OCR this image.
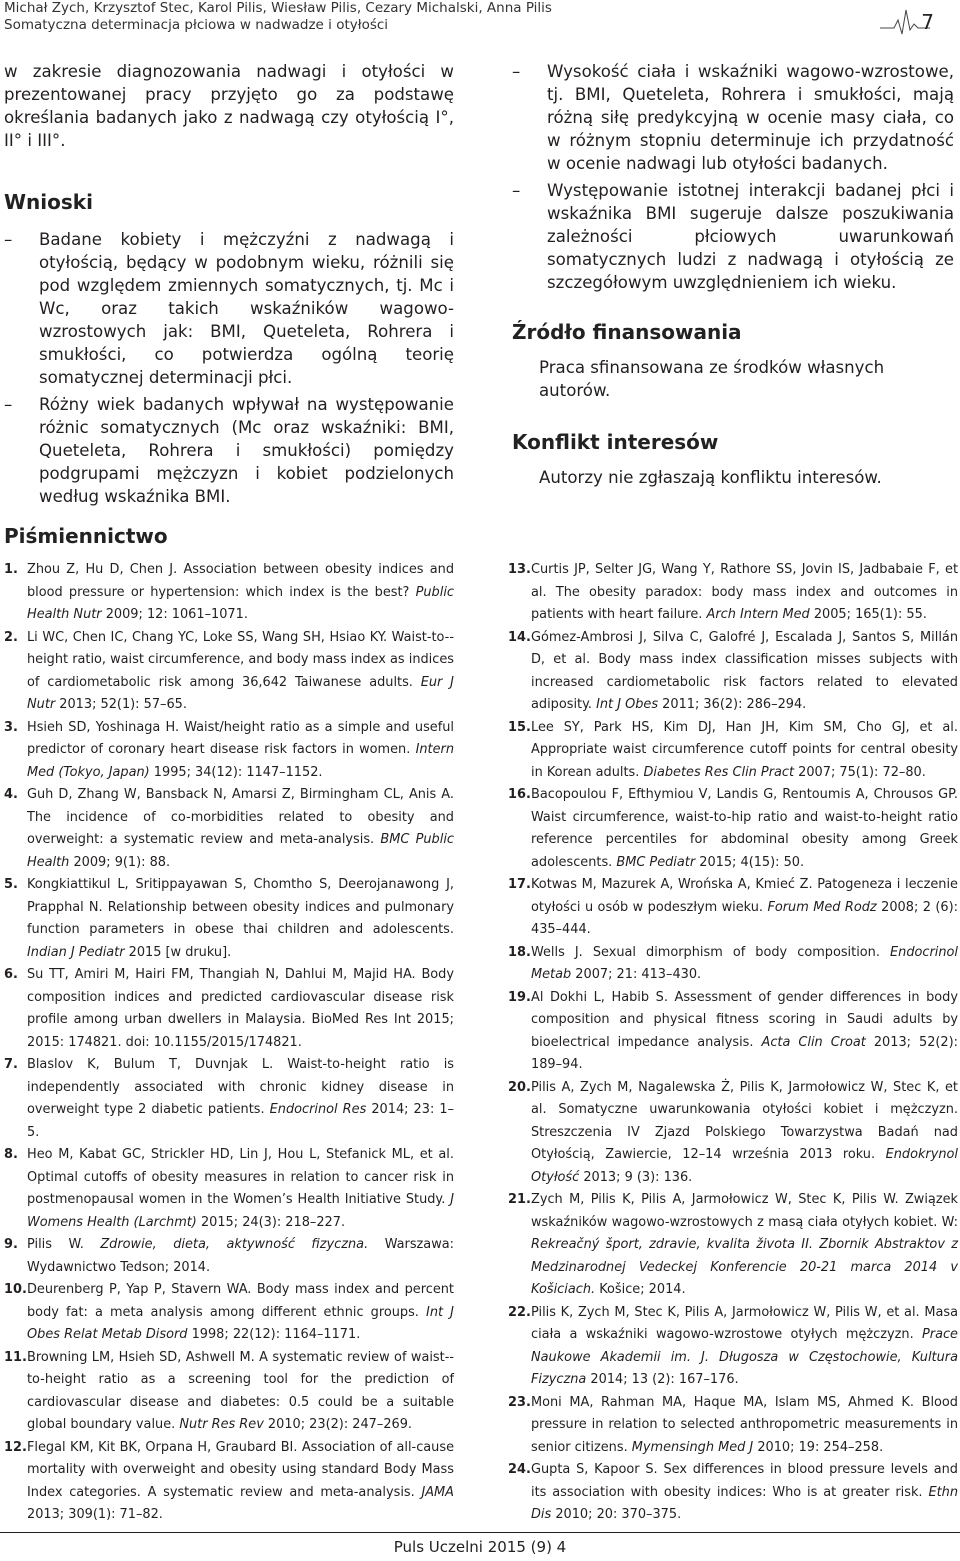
Michał Zych, Krzysztof Stec, Karol Pilis, Wiesław Pilis, Cezary Michalski, Anna Pilis
Somatyczna determinacja płciowa w nadwadze i otyłości	7

w zakresie diagnozowania nadwagi i otyłości w prezentowanej pracy przyjęto go za podstawę określania badanych jako z nadwagą czy otyłością I°, II° i III°.

Wnioski

– Badane kobiety i mężczyźni z nadwagą i otyłością, będący w podobnym wieku, różnili się pod względem zmiennych somatycznych, tj. Mc i Wc, oraz takich wskaźników wagowo-wzrostowych jak: BMI, Queteleta, Rohrera i smukłości, co potwierdza ogólną teorię somatycznej determinacji płci.

– Różny wiek badanych wpływał na występowanie różnic somatycznych (Mc oraz wskaźniki: BMI, Queteleta, Rohrera i smukłości) pomiędzy podgrupami mężczyzn i kobiet podzielonych według wskaźnika BMI.

– Wysokość ciała i wskaźniki wagowo-wzrostowe, tj. BMI, Queteleta, Rohrera i smukłości, mają różną siłę predykcyjną w ocenie masy ciała, co w różnym stopniu determinuje ich przydatność w ocenie nadwagi lub otyłości badanych.

– Występowanie istotnej interakcji badanej płci i wskaźnika BMI sugeruje dalsze poszukiwania zależności płciowych uwarunkowań somatycznych ludzi z nadwagą i otyłością ze szczegółowym uwzględnieniem ich wieku.

Źródło finansowania

Praca sfinansowana ze środków własnych autorów.

Konflikt interesów

Autorzy nie zgłaszają konfliktu interesów.

Piśmiennictwo

1. Zhou Z, Hu D, Chen J. Association between obesity indices and blood pressure or hypertension: which index is the best? Public Health Nutr 2009; 12: 1061–1071.

2. Li WC, Chen IC, Chang YC, Loke SS, Wang SH, Hsiao KY. Waist-to--height ratio, waist circumference, and body mass index as indices of cardiometabolic risk among 36,642 Taiwanese adults. Eur J Nutr 2013; 52(1): 57–65.

3. Hsieh SD, Yoshinaga H. Waist/height ratio as a simple and useful predictor of coronary heart disease risk factors in women. Intern Med (Tokyo, Japan) 1995; 34(12): 1147–1152.

4. Guh D, Zhang W, Bansback N, Amarsi Z, Birmingham CL, Anis A. The incidence of co-morbidities related to obesity and overweight: a systematic review and meta-analysis. BMC Public Health 2009; 9(1): 88.

5. Kongkiattikul L, Sritippayawan S, Chomtho S, Deerojanawong J, Prapphal N. Relationship between obesity indices and pulmonary function parameters in obese thai children and adolescents. Indian J Pediatr 2015 [w druku].

6. Su TT, Amiri M, Hairi FM, Thangiah N, Dahlui M, Majid HA. Body composition indices and predicted cardiovascular disease risk profile among urban dwellers in Malaysia. BioMed Res Int 2015; 2015: 174821. doi: 10.1155/2015/174821.

7. Blaslov K, Bulum T, Duvnjak L. Waist-to-height ratio is independently associated with chronic kidney disease in overweight type 2 diabetic patients. Endocrinol Res 2014; 23: 1–5.

8. Heo M, Kabat GC, Strickler HD, Lin J, Hou L, Stefanick ML, et al. Optimal cutoffs of obesity measures in relation to cancer risk in postmenopausal women in the Women’s Health Initiative Study. J Womens Health (Larchmt) 2015; 24(3): 218–227.

9. Pilis W. Zdrowie, dieta, aktywność fizyczna. Warszawa: Wydawnictwo Tedson; 2014.

10. Deurenberg P, Yap P, Stavern WA. Body mass index and percent body fat: a meta analysis among different ethnic groups. Int J Obes Relat Metab Disord 1998; 22(12): 1164–1171.

11. Browning LM, Hsieh SD, Ashwell M. A systematic review of waist--to-height ratio as a screening tool for the prediction of cardiovascular disease and diabetes: 0.5 could be a suitable global boundary value. Nutr Res Rev 2010; 23(2): 247–269.

12. Flegal KM, Kit BK, Orpana H, Graubard BI. Association of all-cause mortality with overweight and obesity using standard Body Mass Index categories. A systematic review and meta-analysis. JAMA 2013; 309(1): 71–82.

13. Curtis JP, Selter JG, Wang Y, Rathore SS, Jovin IS, Jadbabaie F, et al. The obesity paradox: body mass index and outcomes in patients with heart failure. Arch Intern Med 2005; 165(1): 55.

14. Gómez-Ambrosi J, Silva C, Galofré J, Escalada J, Santos S, Millán D, et al. Body mass index classification misses subjects with increased cardiometabolic risk factors related to elevated adiposity. Int J Obes 2011; 36(2): 286–294.

15. Lee SY, Park HS, Kim DJ, Han JH, Kim SM, Cho GJ, et al. Appropriate waist circumference cutoff points for central obesity in Korean adults. Diabetes Res Clin Pract 2007; 75(1): 72–80.

16. Bacopoulou F, Efthymiou V, Landis G, Rentoumis A, Chrousos GP. Waist circumference, waist-to-hip ratio and waist-to-height ratio reference percentiles for abdominal obesity among Greek adolescents. BMC Pediatr 2015; 4(15): 50.

17. Kotwas M, Mazurek A, Wrońska A, Kmieć Z. Patogeneza i leczenie otyłości u osób w podeszłym wieku. Forum Med Rodz 2008; 2 (6): 435–444.

18. Wells J. Sexual dimorphism of body composition. Endocrinol Metab 2007; 21: 413–430.

19. Al Dokhi L, Habib S. Assessment of gender differences in body composition and physical fitness scoring in Saudi adults by bioelectrical impedance analysis. Acta Clin Croat 2013; 52(2): 189–94.

20. Pilis A, Zych M, Nagalewska Ż, Pilis K, Jarmołowicz W, Stec K, et al. Somatyczne uwarunkowania otyłości kobiet i mężczyzn. Streszczenia IV Zjazd Polskiego Towarzystwa Badań nad Otyłością, Zawiercie, 12–14 września 2013 roku. Endokrynol Otyłość 2013; 9 (3): 136.

21. Zych M, Pilis K, Pilis A, Jarmołowicz W, Stec K, Pilis W. Związek wskaźników wagowo-wzrostowych z masą ciała otyłych kobiet. W: Rekreačný šport, zdravie, kvalita života II. Zbornik Abstraktov z Medzinarodnej Vedeckej Konferencie 20-21 marca 2014 v Košiciach. Košice; 2014.

22. Pilis K, Zych M, Stec K, Pilis A, Jarmołowicz W, Pilis W, et al. Masa ciała a wskaźniki wagowo-wzrostowe otyłych mężczyzn. Prace Naukowe Akademii im. J. Długosza w Częstochowie, Kultura Fizyczna 2014; 13 (2): 167–176.

23. Moni MA, Rahman MA, Haque MA, Islam MS, Ahmed K. Blood pressure in relation to selected anthropometric measurements in senior citizens. Mymensingh Med J 2010; 19: 254–258.

24. Gupta S, Kapoor S. Sex differences in blood pressure levels and its association with obesity indices: Who is at greater risk. Ethn Dis 2010; 20: 370–375.

Puls Uczelni 2015 (9) 4
